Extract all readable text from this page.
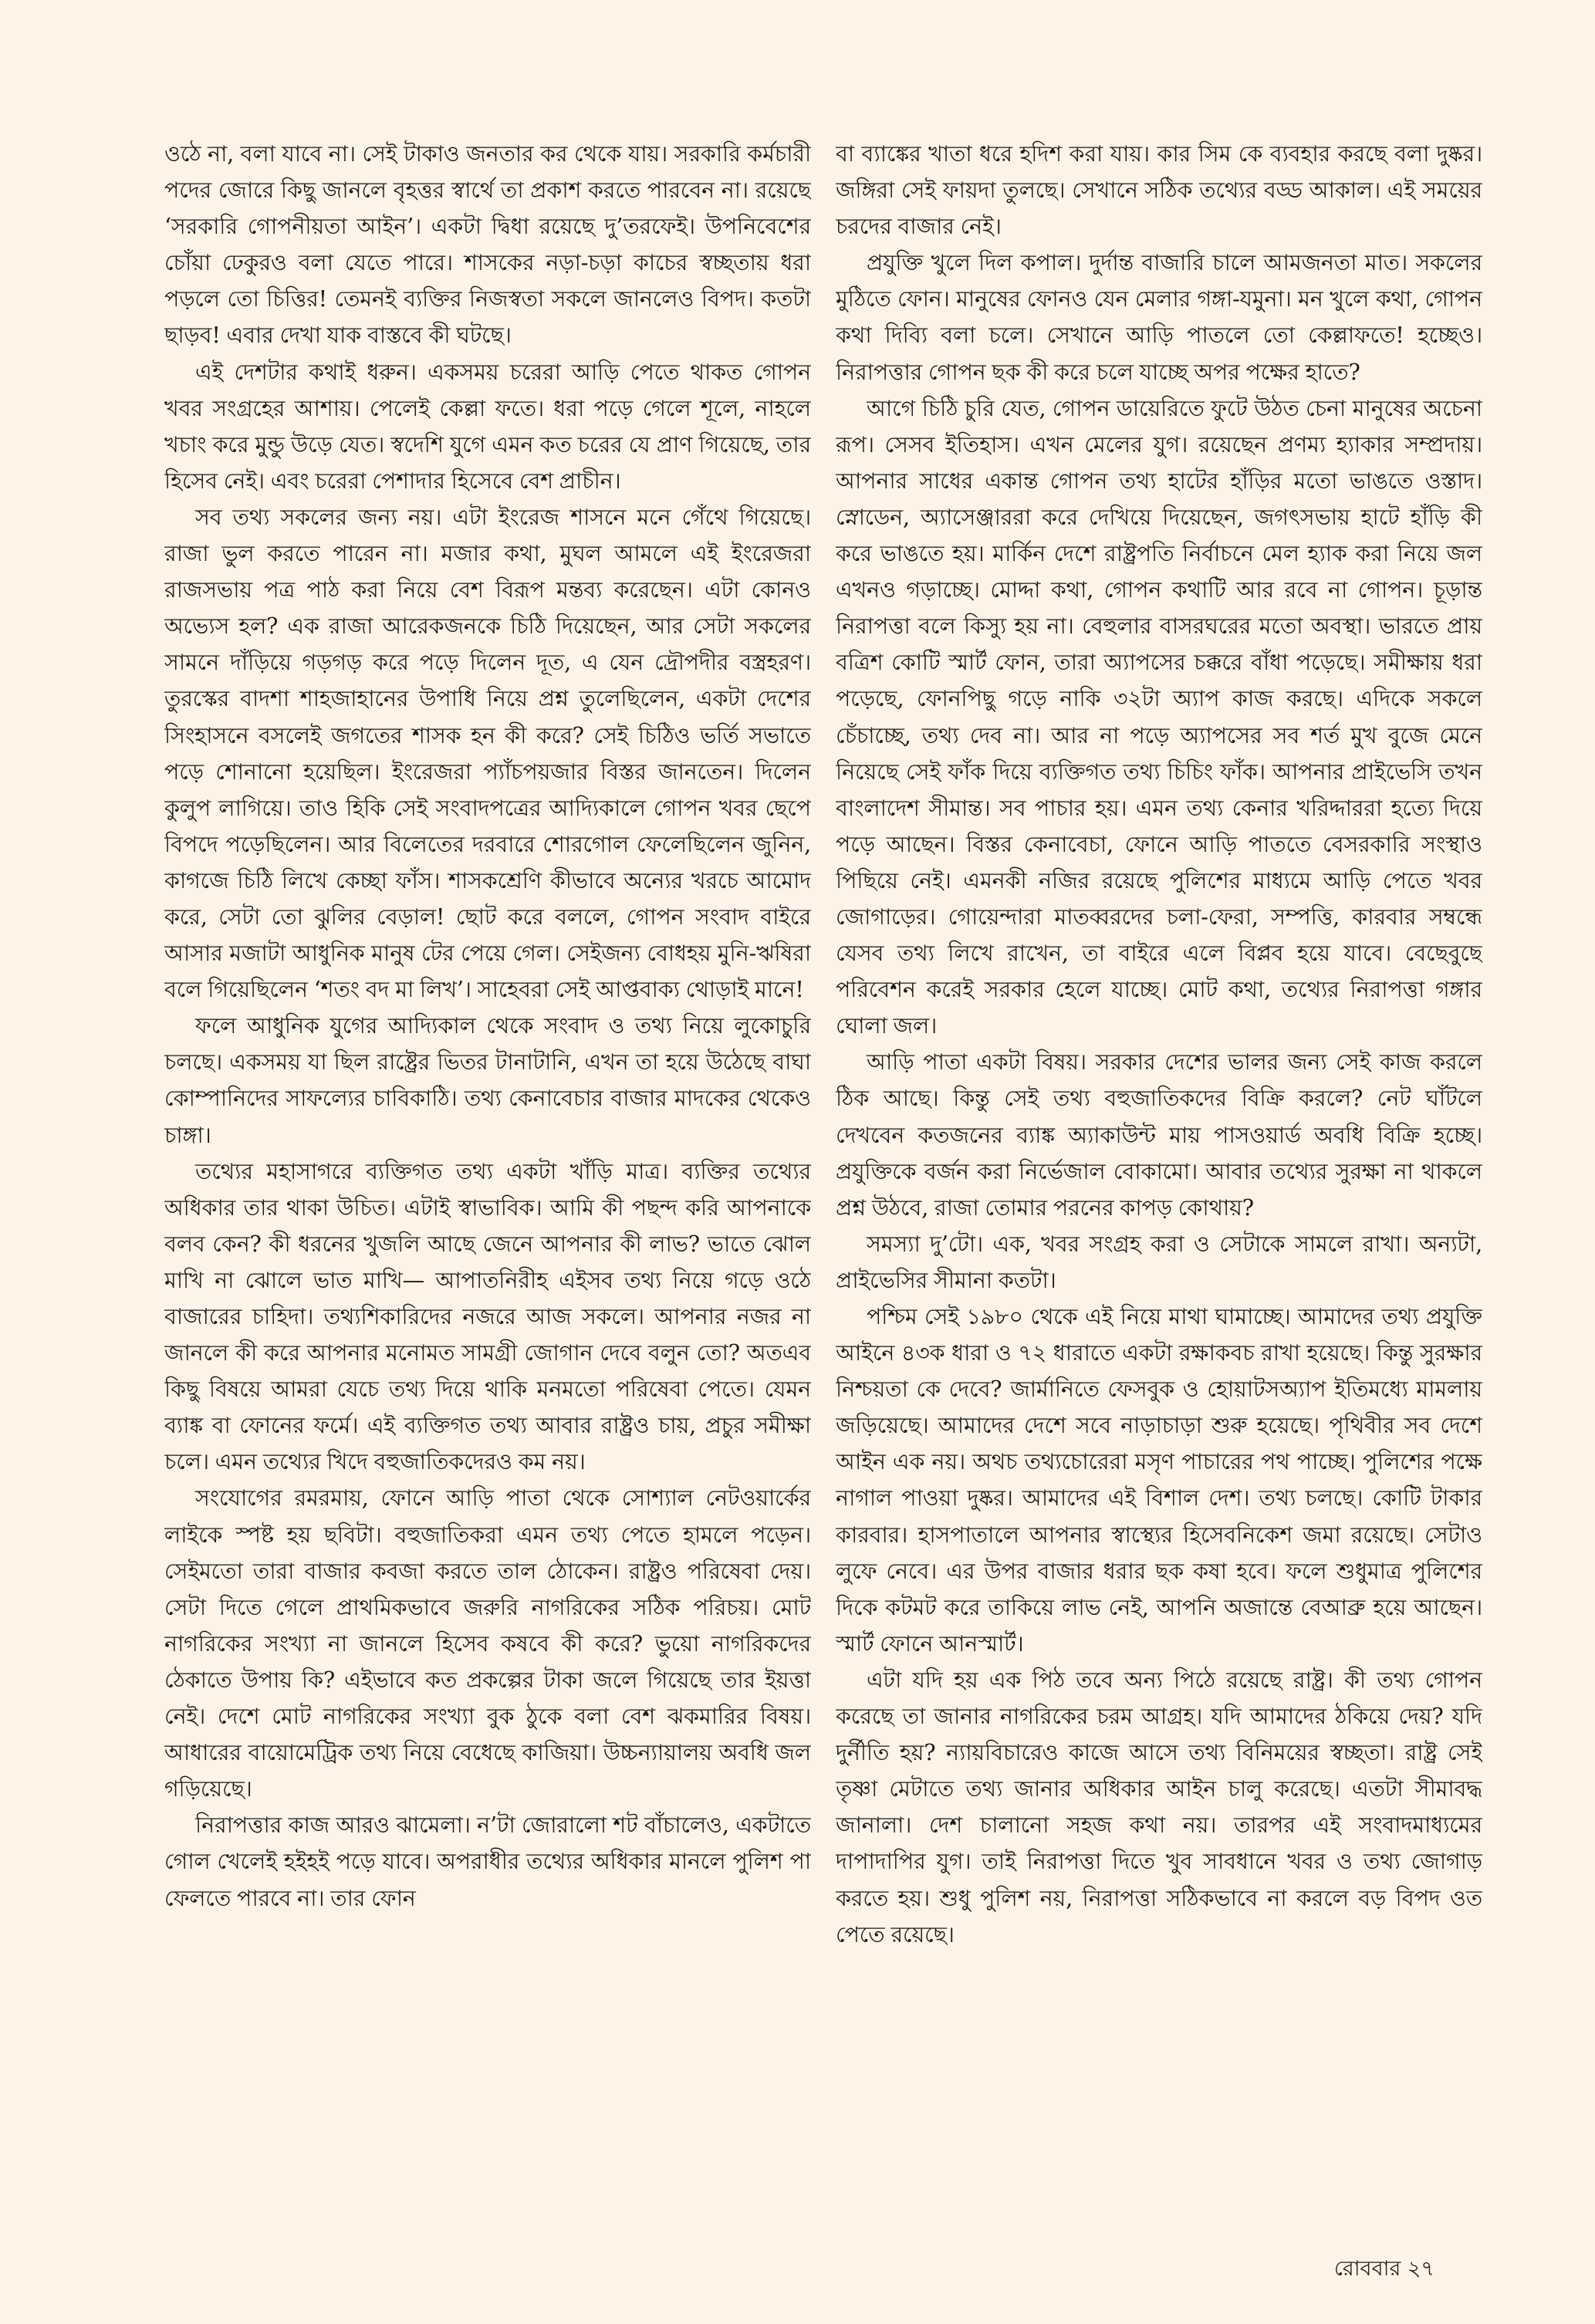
ওঠে না, বলা যাবে না। সেই টাকাও জনতার কর থেকে যায়। সরকারি কর্মচারী পদের জোরে কিছু জানলে বৃহত্তর স্বার্থে তা প্রকাশ করতে পারবেন না। রয়েছে ‘সরকারি গোপনীয়তা আইন’। একটা দ্বিধা রয়েছে দু’তরফেই। উপনিবেশের চোঁয়া ঢেকুরও বলা যেতে পারে। শাসকের নড়া-চড়া কাচের স্বচ্ছতায় ধরা পড়লে তো চিত্তির! তেমনই ব্যক্তির নিজস্বতা সকলে জানলেও বিপদ। কতটা ছাড়ব! এবার দেখা যাক বাস্তবে কী ঘটছে।

এই দেশটার কথাই ধরুন। একসময় চরেরা আড়ি পেতে থাকত গোপন খবর সংগ্রহের আশায়। পেলেই কেল্লা ফতে। ধরা পড়ে গেলে শূলে, নাহলে খচাং করে মুন্ডু উড়ে যেত। স্বদেশি যুগে এমন কত চরের যে প্রাণ গিয়েছে, তার হিসেব নেই। এবং চরেরা পেশাদার হিসেবে বেশ প্রাচীন।

সব তথ্য সকলের জন্য নয়। এটা ইংরেজ শাসনে মনে গেঁথে গিয়েছে। রাজা ভুল করতে পারেন না। মজার কথা, মুঘল আমলে এই ইংরেজরা রাজসভায় পত্র পাঠ করা নিয়ে বেশ বিরূপ মন্তব্য করেছেন। এটা কোনও অভ্যেস হল? এক রাজা আরেকজনকে চিঠি দিয়েছেন, আর সেটা সকলের সামনে দাঁড়িয়ে গড়গড় করে পড়ে দিলেন দূত, এ যেন দ্রৌপদীর বস্ত্রহরণ। তুরস্কের বাদশা শাহজাহানের উপাধি নিয়ে প্রশ্ন তুলেছিলেন, একটা দেশের সিংহাসনে বসলেই জগতের শাসক হন কী করে? সেই চিঠিও ভর্তি সভাতে পড়ে শোনানো হয়েছিল। ইংরেজরা প্যাঁচপয়জার বিস্তর জানতেন। দিলেন কুলুপ লাগিয়ে। তাও হিকি সেই সংবাদপত্রের আদ্যিকালে গোপন খবর ছেপে বিপদে পড়েছিলেন। আর বিলেতের দরবারে শোরগোল ফেলেছিলেন জুনিন, কাগজে চিঠি লিখে কেচ্ছা ফাঁস। শাসকশ্রেণি কীভাবে অন্যের খরচে আমোদ করে, সেটা তো ঝুলির বেড়াল! ছোট করে বললে, গোপন সংবাদ বাইরে আসার মজাটা আধুনিক মানুষ টের পেয়ে গেল। সেইজন্য বোধহয় মুনি-ঋষিরা বলে গিয়েছিলেন ‘শতং বদ মা লিখ’। সাহেবরা সেই আপ্তবাক্য থোড়াই মানে!

ফলে আধুনিক যুগের আদ্যিকাল থেকে সংবাদ ও তথ্য নিয়ে লুকোচুরি চলছে। একসময় যা ছিল রাষ্ট্রের ভিতর টানাটানি, এখন তা হয়ে উঠেছে বাঘা কোম্পানিদের সাফল্যের চাবিকাঠি। তথ্য কেনাবেচার বাজার মাদকের থেকেও চাঙ্গা।

তথ্যের মহাসাগরে ব্যক্তিগত তথ্য একটা খাঁড়ি মাত্র। ব্যক্তির তথ্যের অধিকার তার থাকা উচিত। এটাই স্বাভাবিক। আমি কী পছন্দ করি আপনাকে বলব কেন? কী ধরনের খুজলি আছে জেনে আপনার কী লাভ? ভাতে ঝোল মাখি না ঝোলে ভাত মাখি— আপাতনিরীহ এইসব তথ্য নিয়ে গড়ে ওঠে বাজারের চাহিদা। তথ্যশিকারিদের নজরে আজ সকলে। আপনার নজর না জানলে কী করে আপনার মনোমত সামগ্রী জোগান দেবে বলুন তো? অতএব কিছু বিষয়ে আমরা যেচে তথ্য দিয়ে থাকি মনমতো পরিষেবা পেতে। যেমন ব্যাঙ্ক বা ফোনের ফর্মে। এই ব্যক্তিগত তথ্য আবার রাষ্ট্রও চায়, প্রচুর সমীক্ষা চলে। এমন তথ্যের খিদে বহুজাতিকদেরও কম নয়।

সংযোগের রমরমায়, ফোনে আড়ি পাতা থেকে সোশ্যাল নেটওয়ার্কের লাইকে স্পষ্ট হয় ছবিটা। বহুজাতিকরা এমন তথ্য পেতে হামলে পড়েন। সেইমতো তারা বাজার কবজা করতে তাল ঠোকেন। রাষ্ট্রও পরিষেবা দেয়। সেটা দিতে গেলে প্রাথমিকভাবে জরুরি নাগরিকের সঠিক পরিচয়। মোট নাগরিকের সংখ্যা না জানলে হিসেব কষবে কী করে? ভুয়ো নাগরিকদের ঠেকাতে উপায় কি? এইভাবে কত প্রকল্পের টাকা জলে গিয়েছে তার ইয়ত্তা নেই। দেশে মোট নাগরিকের সংখ্যা বুক ঠুকে বলা বেশ ঝকমারির বিষয়। আধারের বায়োমেট্রিক তথ্য নিয়ে বেধেছে কাজিয়া। উচ্চন্যায়ালয় অবধি জল গড়িয়েছে।

নিরাপত্তার কাজ আরও ঝামেলা। ন’টা জোরালো শট বাঁচালেও, একটাতে গোল খেলেই হইহই পড়ে যাবে। অপরাধীর তথ্যের অধিকার মানলে পুলিশ পা ফেলতে পারবে না। তার ফোন

বা ব্যাঙ্কের খাতা ধরে হদিশ করা যায়। কার সিম কে ব্যবহার করছে বলা দুষ্কর। জঙ্গিরা সেই ফায়দা তুলছে। সেখানে সঠিক তথ্যের বড্ড আকাল। এই সময়ের চরদের বাজার নেই।

প্রযুক্তি খুলে দিল কপাল। দুর্দান্ত বাজারি চালে আমজনতা মাত। সকলের মুঠিতে ফোন। মানুষের ফোনও যেন মেলার গঙ্গা-যমুনা। মন খুলে কথা, গোপন কথা দিব্যি বলা চলে। সেখানে আড়ি পাতলে তো কেল্লাফতে! হচ্ছেও। নিরাপত্তার গোপন ছক কী করে চলে যাচ্ছে অপর পক্ষের হাতে?

আগে চিঠি চুরি যেত, গোপন ডায়েরিতে ফুটে উঠত চেনা মানুষের অচেনা রূপ। সেসব ইতিহাস। এখন মেলের যুগ। রয়েছেন প্রণম্য হ্যাকার সম্প্রদায়। আপনার সাধের একান্ত গোপন তথ্য হাটের হাঁড়ির মতো ভাঙতে ওস্তাদ। স্নোডেন, অ্যাসেঞ্জাররা করে দেখিয়ে দিয়েছেন, জগৎসভায় হাটে হাঁড়ি কী করে ভাঙতে হয়। মার্কিন দেশে রাষ্ট্রপতি নির্বাচনে মেল হ্যাক করা নিয়ে জল এখনও গড়াচ্ছে। মোদ্দা কথা, গোপন কথাটি আর রবে না গোপন। চূড়ান্ত নিরাপত্তা বলে কিস্যু হয় না। বেহুলার বাসরঘরের মতো অবস্থা। ভারতে প্রায় বত্রিশ কোটি স্মার্ট ফোন, তারা অ্যাপসের চক্করে বাঁধা পড়েছে। সমীক্ষায় ধরা পড়েছে, ফোনপিছু গড়ে নাকি ৩২টা অ্যাপ কাজ করছে। এদিকে সকলে চেঁচাচ্ছে, তথ্য দেব না। আর না পড়ে অ্যাপসের সব শর্ত মুখ বুজে মেনে নিয়েছে সেই ফাঁক দিয়ে ব্যক্তিগত তথ্য চিচিং ফাঁক। আপনার প্রাইভেসি তখন বাংলাদেশ সীমান্ত। সব পাচার হয়। এমন তথ্য কেনার খরিদ্দাররা হত্যে দিয়ে পড়ে আছেন। বিস্তর কেনাবেচা, ফোনে আড়ি পাততে বেসরকারি সংস্থাও পিছিয়ে নেই। এমনকী নজির রয়েছে পুলিশের মাধ্যমে আড়ি পেতে খবর জোগাড়ের। গোয়েন্দারা মাতব্বরদের চলা-ফেরা, সম্পত্তি, কারবার সম্বন্ধে যেসব তথ্য লিখে রাখেন, তা বাইরে এলে বিপ্লব হয়ে যাবে। বেছেবুছে পরিবেশন করেই সরকার হেলে যাচ্ছে। মোট কথা, তথ্যের নিরাপত্তা গঙ্গার ঘোলা জল।

আড়ি পাতা একটা বিষয়। সরকার দেশের ভালর জন্য সেই কাজ করলে ঠিক আছে। কিন্তু সেই তথ্য বহুজাতিকদের বিক্রি করলে? নেট ঘাঁটলে দেখবেন কতজনের ব্যাঙ্ক অ্যাকাউন্ট মায় পাসওয়ার্ড অবধি বিক্রি হচ্ছে। প্রযুক্তিকে বর্জন করা নির্ভেজাল বোকামো। আবার তথ্যের সুরক্ষা না থাকলে প্রশ্ন উঠবে, রাজা তোমার পরনের কাপড় কোথায়?

সমস্যা দু’টো। এক, খবর সংগ্রহ করা ও সেটাকে সামলে রাখা। অন্যটা, প্রাইভেসির সীমানা কতটা।

পশ্চিম সেই ১৯৮০ থেকে এই নিয়ে মাথা ঘামাচ্ছে। আমাদের তথ্য প্রযুক্তি আইনে ৪৩ক ধারা ও ৭২ ধারাতে একটা রক্ষাকবচ রাখা হয়েছে। কিন্তু সুরক্ষার নিশ্চয়তা কে দেবে? জার্মানিতে ফেসবুক ও হোয়াটসঅ্যাপ ইতিমধ্যে মামলায় জড়িয়েছে। আমাদের দেশে সবে নাড়াচাড়া শুরু হয়েছে। পৃথিবীর সব দেশে আইন এক নয়। অথচ তথ্যচোরেরা মসৃণ পাচারের পথ পাচ্ছে। পুলিশের পক্ষে নাগাল পাওয়া দুষ্কর। আমাদের এই বিশাল দেশ। তথ্য চলছে। কোটি টাকার কারবার। হাসপাতালে আপনার স্বাস্থ্যের হিসেবনিকেশ জমা রয়েছে। সেটাও লুফে নেবে। এর উপর বাজার ধরার ছক কষা হবে। ফলে শুধুমাত্র পুলিশের দিকে কটমট করে তাকিয়ে লাভ নেই, আপনি অজান্তে বেআব্রু হয়ে আছেন। স্মার্ট ফোনে আনস্মার্ট।

এটা যদি হয় এক পিঠ তবে অন্য পিঠে রয়েছে রাষ্ট্র। কী তথ্য গোপন করেছে তা জানার নাগরিকের চরম আগ্রহ। যদি আমাদের ঠকিয়ে দেয়? যদি দুর্নীতি হয়? ন্যায়বিচারেও কাজে আসে তথ্য বিনিময়ের স্বচ্ছতা। রাষ্ট্র সেই তৃষ্ণা মেটাতে তথ্য জানার অধিকার আইন চালু করেছে। এতটা সীমাবদ্ধ জানালা। দেশ চালানো সহজ কথা নয়। তারপর এই সংবাদমাধ্যমের দাপাদাপির যুগ। তাই নিরাপত্তা দিতে খুব সাবধানে খবর ও তথ্য জোগাড় করতে হয়। শুধু পুলিশ নয়, নিরাপত্তা সঠিকভাবে না করলে বড় বিপদ ওত পেতে রয়েছে।

রোববার ২৭
